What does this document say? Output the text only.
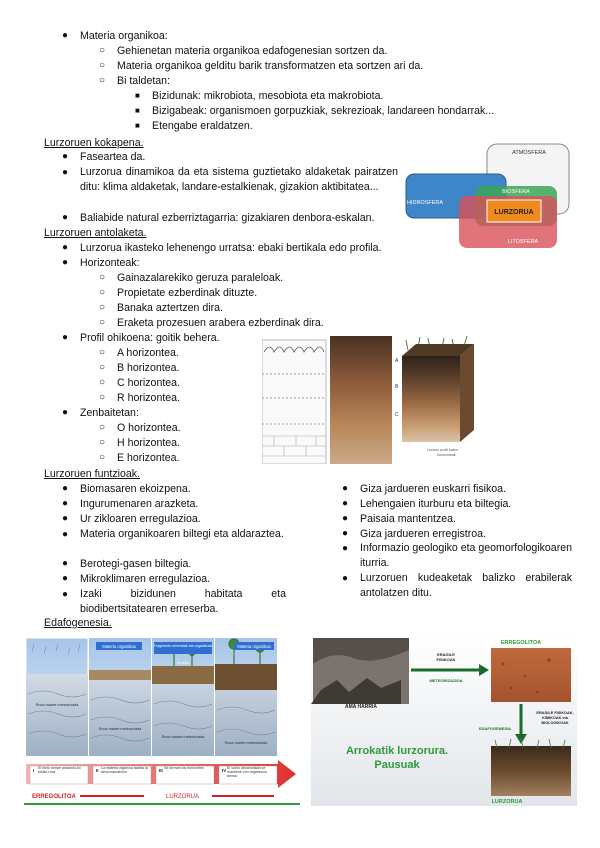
● Materia organikoa:
○ Gehienetan materia organikoa edafogenesian sortzen da.
○ Materia organikoa gelditu barik transformatzen eta sortzen ari da.
○ Bi taldetan:
■ Bizidunak: mikrobiota, mesobiota eta makrobiota.
■ Bizigabeak: organismoen gorpuzkiak, sekrezioak, landareen hondarrak...
■ Etengabe eraldatzen.
Lurzoruen kokapena.
● Faseartea da.
● Lurzorua dinamikoa da eta sistema guztietako aldaketak pairatzen ditu: klima aldaketak, landare-estalkienak, gizakion aktibitatea...
● Baliabide natural ezberriztagarria: gizakiaren denbora-eskalan.
ATMOSFERA
HIDROSFERA
BIOSFERA
LURZORUA
LITOSFERA
Lurzoruen antolaketa.
● Lurzorua ikasteko lehenengo urratsa: ebaki bertikala edo profila.
● Horizonteak:
○ Gainazalarekiko geruza paraleloak.
○ Propietate ezberdinak dituzte.
○ Banaka aztertzen dira.
○ Eraketa prozesuen arabera ezberdinak dira.
● Profil ohikoena: goitik behera.
○ A horizontea.
○ B horizontea.
○ C horizontea.
○ R horizontea.
● Zenbaitetan:
○ O horizontea.
○ H horizontea.
○ E horizontea.
A
B
C
Lurzoru profil baten
horizonteak
Lurzoruen funtzioak.
● Biomasaren ekoizpena.
● Ingurumenaren arazketa.
● Ur zikloaren erregulazioa.
● Materia organikoaren biltegi eta aldaraztea.
● Berotegi-gasen biltegia.
● Mikroklimaren erregulazioa.
● Izaki bizidunen habitata eta biodibertsitatearen erreserba.
● Giza jardueren euskarri fisikoa.
● Lehengaien iturburu eta biltegia.
● Paisaia mantentzea.
● Giza jardueren erregistroa.
● Informazio geologiko eta geomorfologikoaren iturria.
● Lurzoruen kudeaketak balizko erabilerak antolatzen ditu.
Edafogenesia.
Materia organikoa	Fragmentu mineralak eta organikoak	Materia organikoa
Humus
Roca madre meteorizada
Roca madre meteorizada
Roca madre meteorizada
Roca madre meteorizada
I	II	III	IV
El hielo rompe andamio-ko tokiko roca
La materia orgánica facilita la descomposicion
Se forman los horizontes	El suelo desarrollado se mantiene con vegetación densa
ERREGOLITOA	LURZORUA
AMA HARRIA
ERAGILE
FISIKOAK
METEORIZAZIOA
ERREGOLITOA
ERAGILE FISIKOAK,
KIMIKOAK eta
BIOLOGIKOAK
EDAFOGENESIA
LURZORUA
Arrokatik lurzorura.
Pausuak
